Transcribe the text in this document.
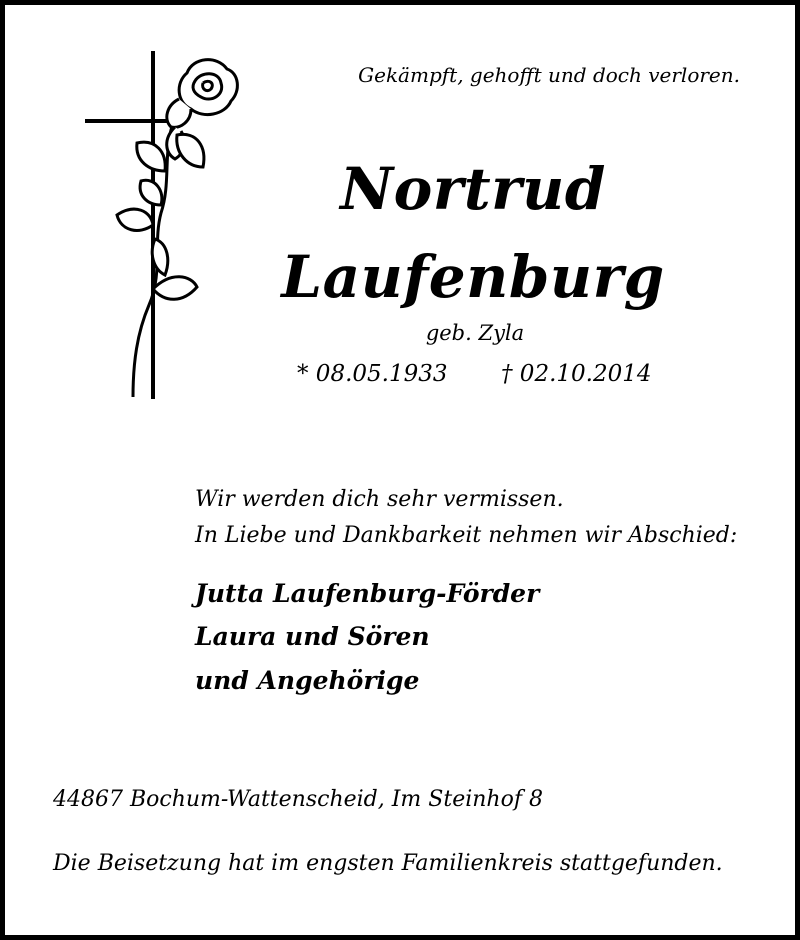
Gekämpft, gehofft und doch verloren.
Nortrud
Laufenburg
geb. Zyla
* 08.05.1933 † 02.10.2014
Wir werden dich sehr vermissen.
In Liebe und Dankbarkeit nehmen wir Abschied:
Jutta Laufenburg-Förder
Laura und Sören
und Angehörige
44867 Bochum-Wattenscheid, Im Steinhof 8
Die Beisetzung hat im engsten Familienkreis stattgefunden.
